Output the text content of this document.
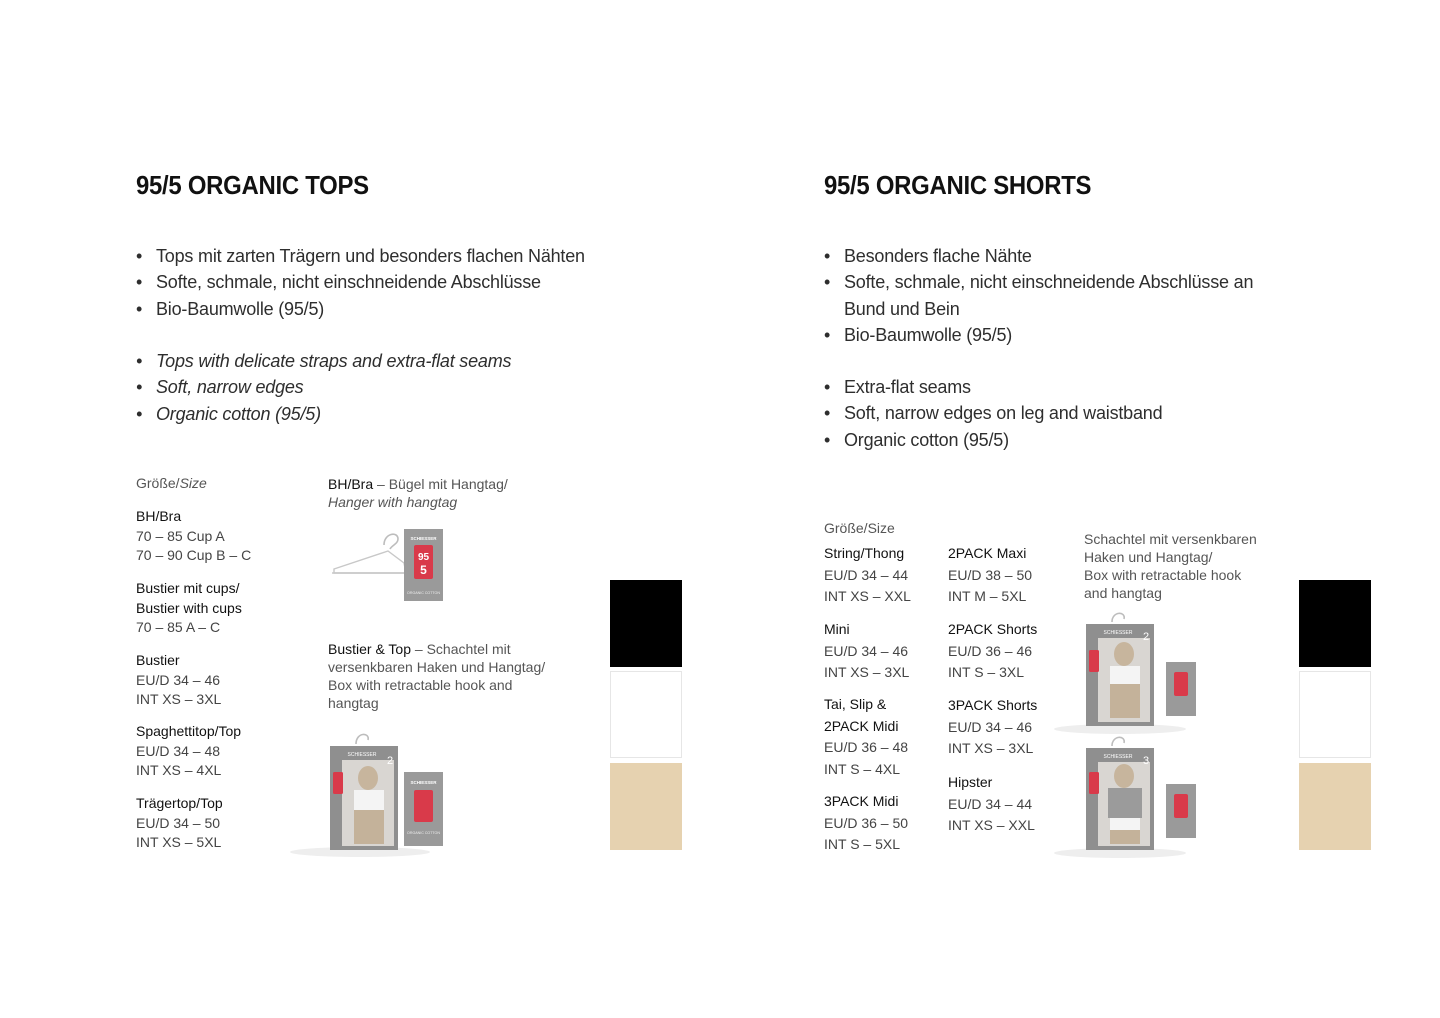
95/5 ORGANIC TOPS
• Tops mit zarten Trägern und besonders flachen Nähten
• Softe, schmale, nicht einschneidende Abschlüsse
• Bio-Baumwolle (95/5)
• Tops with delicate straps and extra-flat seams
• Soft, narrow edges
• Organic cotton (95/5)
Größe/Size
BH/Bra
70 – 85 Cup A
70 – 90 Cup B – C
Bustier mit cups/
Bustier with cups
70 – 85 A – C
Bustier
EU/D 34 – 46
INT XS – 3XL
Spaghettitop/Top
EU/D 34 – 48
INT XS – 4XL
Trägertop/Top
EU/D 34 – 50
INT XS – 5XL
BH/Bra – Bügel mit Hangtag/
Hanger with hangtag
SCHIESSER
95
5
ORGANIC COTTON
Bustier & Top – Schachtel mit
versenkbaren Haken und Hangtag/
Box with retractable hook and
hangtag
SCHIESSER 2
SCHIESSER
ORGANIC COTTON
95/5 ORGANIC SHORTS
• Besonders flache Nähte
• Softe, schmale, nicht einschneidende Abschlüsse an Bund und Bein
• Bio-Baumwolle (95/5)
• Extra-flat seams
• Soft, narrow edges on leg and waistband
• Organic cotton (95/5)
Größe/Size
String/Thong
EU/D 34 – 44
INT XS – XXL
Mini
EU/D 34 – 46
INT XS – 3XL
Tai, Slip &
2PACK Midi
EU/D 36 – 48
INT S – 4XL
3PACK Midi
EU/D 36 – 50
INT S – 5XL
2PACK Maxi
EU/D 38 – 50
INT M – 5XL
2PACK Shorts
EU/D 36 – 46
INT S – 3XL
3PACK Shorts
EU/D 34 – 46
INT XS – 3XL
Hipster
EU/D 34 – 44
INT XS – XXL
Schachtel mit versenkbaren
Haken und Hangtag/
Box with retractable hook
and hangtag
SCHIESSER 2
SCHIESSER 3
